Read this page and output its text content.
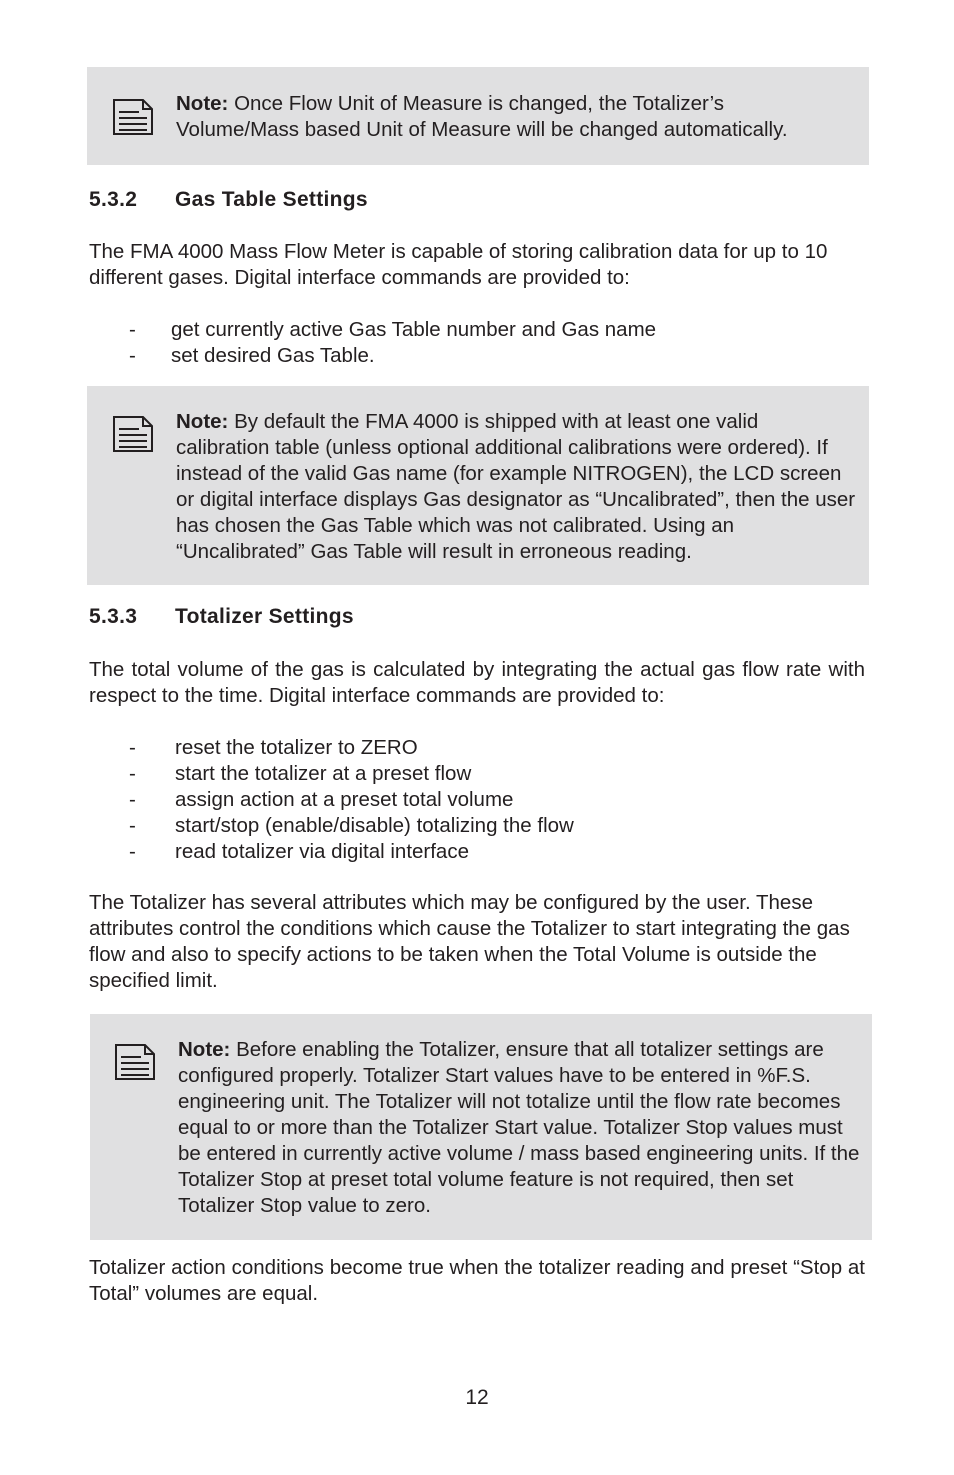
Note: Once Flow Unit of Measure is changed, the Totalizer’s Volume/Mass based Unit of Measure will be changed automatically.

5.3.2 Gas Table Settings

The FMA 4000 Mass Flow Meter is capable of storing calibration data for up to 10 different gases. Digital interface commands are provided to:

- get currently active Gas Table number and Gas name
- set desired Gas Table.

Note: By default the FMA 4000 is shipped with at least one valid calibration table (unless optional additional calibrations were ordered). If instead of the valid Gas name (for example NITROGEN), the LCD screen or digital interface displays Gas designator as “Uncalibrated”, then the user has chosen the Gas Table which was not calibrated. Using an “Uncalibrated” Gas Table will result in erroneous reading.

5.3.3 Totalizer Settings

The total volume of the gas is calculated by integrating the actual gas flow rate with respect to the time. Digital interface commands are provided to:

- reset the totalizer to ZERO
- start the totalizer at a preset flow
- assign action at a preset total volume
- start/stop (enable/disable) totalizing the flow
- read totalizer via digital interface

The Totalizer has several attributes which may be configured by the user. These attributes control the conditions which cause the Totalizer to start integrating the gas flow and also to specify actions to be taken when the Total Volume is outside the specified limit.

Note: Before enabling the Totalizer, ensure that all totalizer settings are configured properly. Totalizer Start values have to be entered in %F.S. engineering unit. The Totalizer will not totalize until the flow rate becomes equal to or more than the Totalizer Start value. Totalizer Stop values must be entered in currently active volume / mass based engineering units. If the Totalizer Stop at preset total volume feature is not required, then set Totalizer Stop value to zero.

Totalizer action conditions become true when the totalizer reading and preset “Stop at Total” volumes are equal.

12
